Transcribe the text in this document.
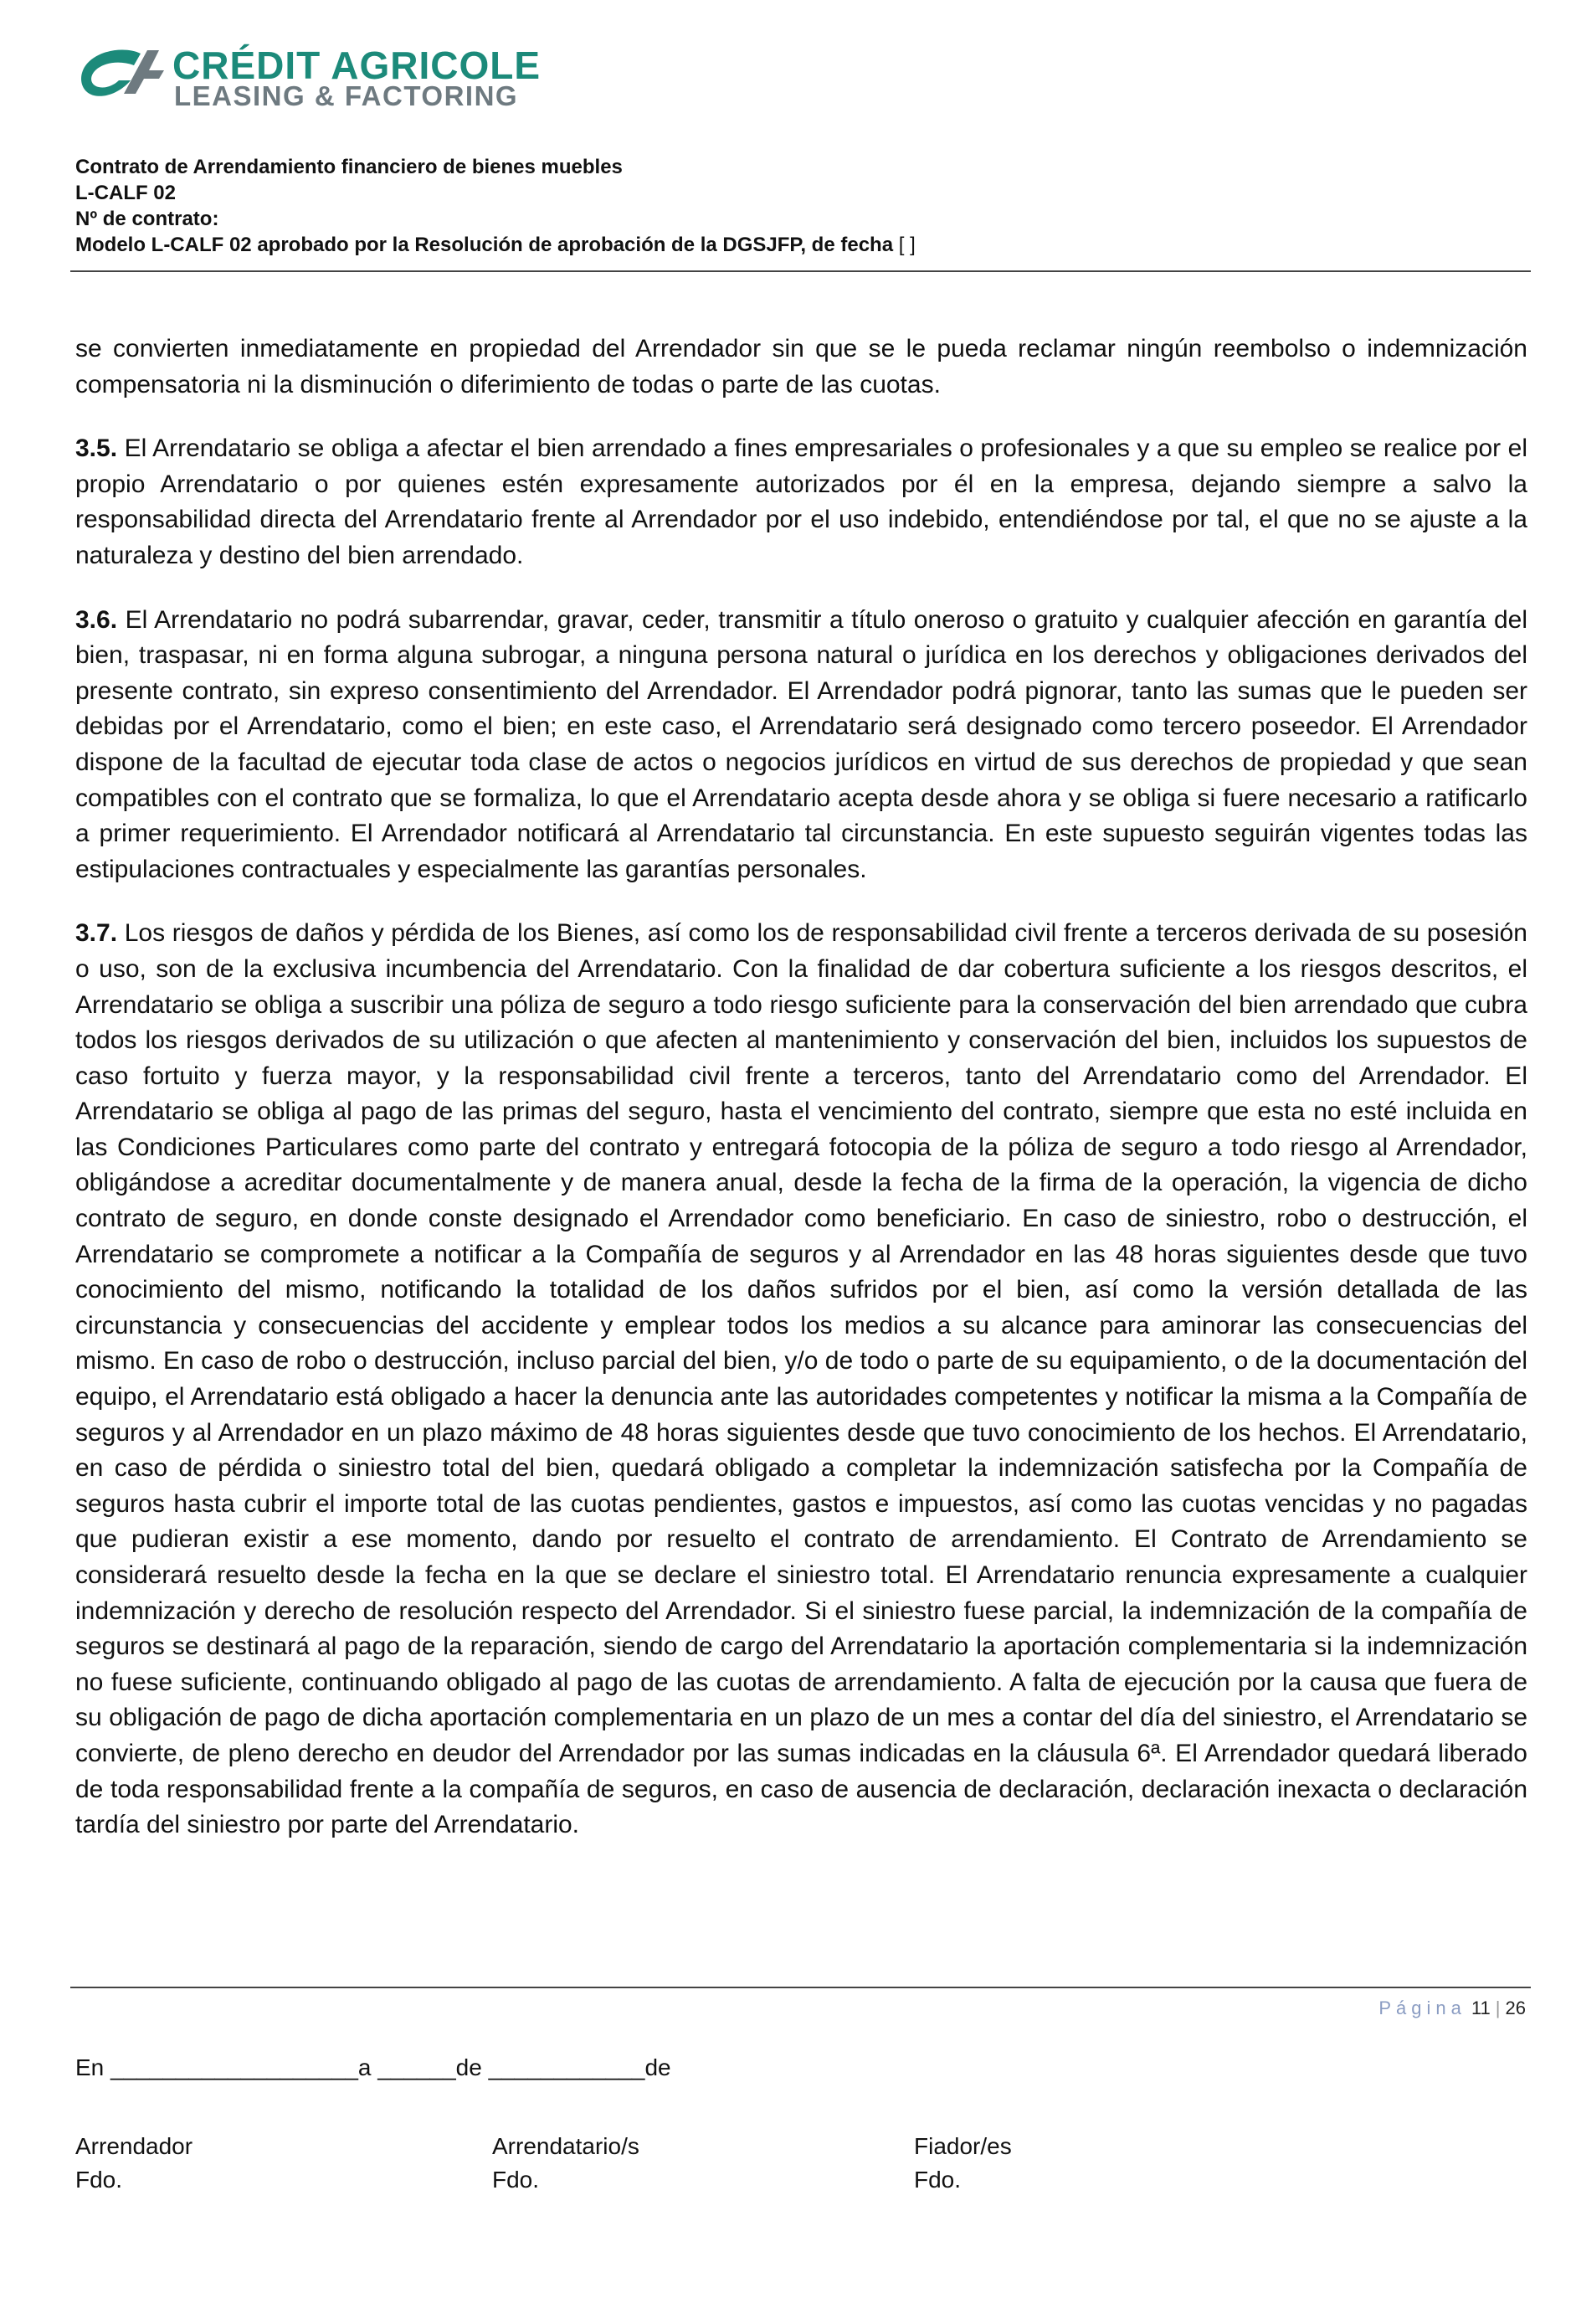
CRÉDIT AGRICOLE
LEASING & FACTORING
Contrato de Arrendamiento financiero de bienes muebles
L-CALF 02
Nº de contrato:
Modelo L-CALF 02 aprobado por la Resolución de aprobación de la DGSJFP, de fecha [ ]

se convierten inmediatamente en propiedad del Arrendador sin que se le pueda reclamar ningún reembolso o indemnización compensatoria ni la disminución o diferimiento de todas o parte de las cuotas.

3.5. El Arrendatario se obliga a afectar el bien arrendado a fines empresariales o profesionales y a que su empleo se realice por el propio Arrendatario o por quienes estén expresamente autorizados por él en la empresa, dejando siempre a salvo la responsabilidad directa del Arrendatario frente al Arrendador por el uso indebido, entendiéndose por tal, el que no se ajuste a la naturaleza y destino del bien arrendado.

3.6. El Arrendatario no podrá subarrendar, gravar, ceder, transmitir a título oneroso o gratuito y cualquier afección en garantía del bien, traspasar, ni en forma alguna subrogar, a ninguna persona natural o jurídica en los derechos y obligaciones derivados del presente contrato, sin expreso consentimiento del Arrendador. El Arrendador podrá pignorar, tanto las sumas que le pueden ser debidas por el Arrendatario, como el bien; en este caso, el Arrendatario será designado como tercero poseedor. El Arrendador dispone de la facultad de ejecutar toda clase de actos o negocios jurídicos en virtud de sus derechos de propiedad y que sean compatibles con el contrato que se formaliza, lo que el Arrendatario acepta desde ahora y se obliga si fuere necesario a ratificarlo a primer requerimiento. El Arrendador notificará al Arrendatario tal circunstancia. En este supuesto seguirán vigentes todas las estipulaciones contractuales y especialmente las garantías personales.

3.7. Los riesgos de daños y pérdida de los Bienes, así como los de responsabilidad civil frente a terceros derivada de su posesión o uso, son de la exclusiva incumbencia del Arrendatario. Con la finalidad de dar cobertura suficiente a los riesgos descritos, el Arrendatario se obliga a suscribir una póliza de seguro a todo riesgo suficiente para la conservación del bien arrendado que cubra todos los riesgos derivados de su utilización o que afecten al mantenimiento y conservación del bien, incluidos los supuestos de caso fortuito y fuerza mayor, y la responsabilidad civil frente a terceros, tanto del Arrendatario como del Arrendador. El Arrendatario se obliga al pago de las primas del seguro, hasta el vencimiento del contrato, siempre que esta no esté incluida en las Condiciones Particulares como parte del contrato y entregará fotocopia de la póliza de seguro a todo riesgo al Arrendador, obligándose a acreditar documentalmente y de manera anual, desde la fecha de la firma de la operación, la vigencia de dicho contrato de seguro, en donde conste designado el Arrendador como beneficiario. En caso de siniestro, robo o destrucción, el Arrendatario se compromete a notificar a la Compañía de seguros y al Arrendador en las 48 horas siguientes desde que tuvo conocimiento del mismo, notificando la totalidad de los daños sufridos por el bien, así como la versión detallada de las circunstancia y consecuencias del accidente y emplear todos los medios a su alcance para aminorar las consecuencias del mismo. En caso de robo o destrucción, incluso parcial del bien, y/o de todo o parte de su equipamiento, o de la documentación del equipo, el Arrendatario está obligado a hacer la denuncia ante las autoridades competentes y notificar la misma a la Compañía de seguros y al Arrendador en un plazo máximo de 48 horas siguientes desde que tuvo conocimiento de los hechos. El Arrendatario, en caso de pérdida o siniestro total del bien, quedará obligado a completar la indemnización satisfecha por la Compañía de seguros hasta cubrir el importe total de las cuotas pendientes, gastos e impuestos, así como las cuotas vencidas y no pagadas que pudieran existir a ese momento, dando por resuelto el contrato de arrendamiento. El Contrato de Arrendamiento se considerará resuelto desde la fecha en la que se declare el siniestro total. El Arrendatario renuncia expresamente a cualquier indemnización y derecho de resolución respecto del Arrendador. Si el siniestro fuese parcial, la indemnización de la compañía de seguros se destinará al pago de la reparación, siendo de cargo del Arrendatario la aportación complementaria si la indemnización no fuese suficiente, continuando obligado al pago de las cuotas de arrendamiento. A falta de ejecución por la causa que fuera de su obligación de pago de dicha aportación complementaria en un plazo de un mes a contar del día del siniestro, el Arrendatario se convierte, de pleno derecho en deudor del Arrendador por las sumas indicadas en la cláusula 6ª. El Arrendador quedará liberado de toda responsabilidad frente a la compañía de seguros, en caso de ausencia de declaración, declaración inexacta o declaración tardía del siniestro por parte del Arrendatario.

Página 11 | 26
En ___________________a ______de ____________de
Arrendador
Fdo.
Arrendatario/s
Fdo.
Fiador/es
Fdo.
